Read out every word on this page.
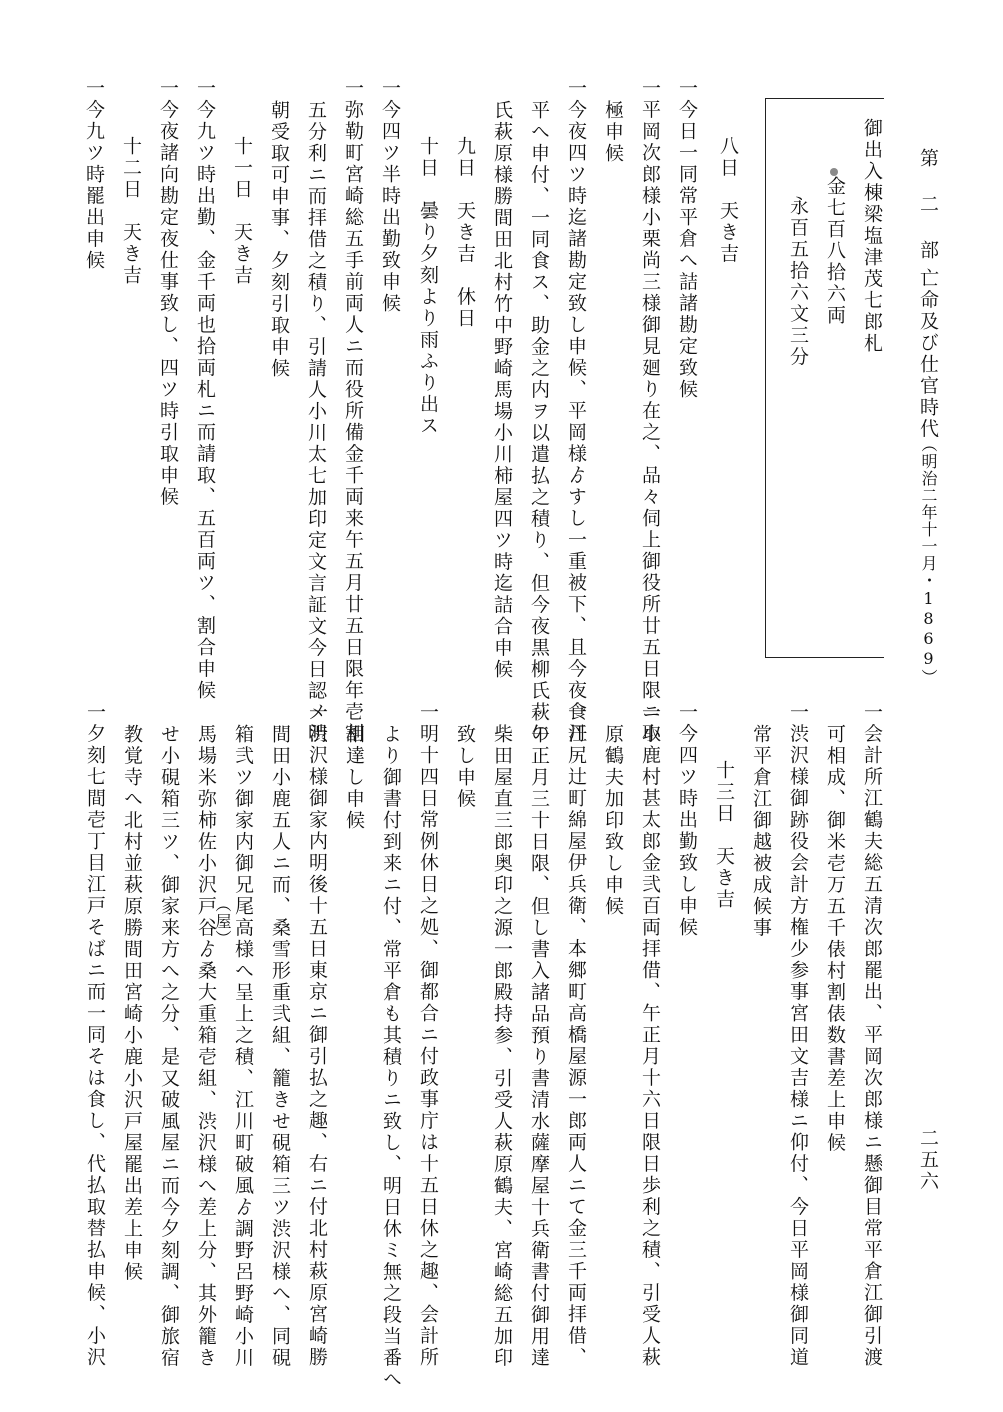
第 二 部
亡命及び仕官時代
（明治二年十一月・1869）
二五六
御出入棟梁塩津茂七郎札
金七百八拾六両
永百五拾六文三分
八日　天き吉
一今日一同常平倉へ詰諸勘定致候
一平岡次郎様小栗尚三様御見廻り在之、品々伺上御役所廿五日限ニ取
極申候
一今夜四ツ時迄諸勘定致し申候、平岡様ゟすし一重被下、且今夜食丹
平へ申付、一同食ス、助金之内ヲ以遣払之積り、但今夜黒柳氏萩の
氏萩原様勝間田北村竹中野崎馬場小川柿屋四ツ時迄詰合申候
九日　天き吉　休日
十日　曇り夕刻より雨ふり出ス
一今四ツ半時出勤致申候
一弥勒町宮崎総五手前両人ニ而役所備金千両来午五月廿五日限年壱割
五分利ニ而拝借之積り、引請人小川太七加印定文言証文今日認メ明
朝受取可申事、夕刻引取申候
十一日　天き吉
一今九ツ時出勤、金千両也拾両札ニ而請取、五百両ツ、割合申候
一今夜諸向勘定夜仕事致し、四ツ時引取申候
十二日　天き吉
一今九ツ時罷出申候
一会計所江鶴夫総五清次郎罷出、平岡次郎様ニ懸御目常平倉江御引渡
可相成、御米壱万五千俵村割俵数書差上申候
一渋沢様御跡役会計方権少参事宮田文吉様ニ仰付、今日平岡様御同道
常平倉江御越被成候事
十三日　天き吉
一今四ツ時出勤致し申候
一小鹿村甚太郎金弐百両拝借、午正月十六日限日歩利之積、引受人萩
原鶴夫加印致し申候
一江尻辻町綿屋伊兵衛、本郷町高橋屋源一郎両人ニて金三千両拝借、
午正月三十日限、但し書入諸品預り書清水薩摩屋十兵衛書付御用達
柴田屋直三郎奥印之源一郎殿持参、引受人萩原鶴夫、宮崎総五加印
致し申候
一明十四日常例休日之処、御都合ニ付政事庁は十五日休之趣、会計所
より御書付到来ニ付、常平倉も其積りニ致し、明日休ミ無之段当番へ
相達し申候
一渋沢様御家内明後十五日東京ニ御引払之趣、右ニ付北村萩原宮崎勝
間田小鹿五人ニ而、桑雪形重弐組、籠きせ硯箱三ツ渋沢様へ、同硯
箱弐ツ御家内御兄尾高様へ呈上之積、江川町破風ゟ調野呂野崎小川
馬場米弥柿佐小沢戸谷ゟ桑大重箱壱組、渋沢様へ差上分、其外籠き
せ小硯箱三ツ、御家来方へ之分、是又破風屋ニ而今夕刻調、御旅宿
教覚寺へ北村並萩原勝間田宮崎小鹿小沢戸屋罷出差上申候
一夕刻七間壱丁目江戸そばニ而一同そは食し、代払取替払申候、小沢	（屋）
